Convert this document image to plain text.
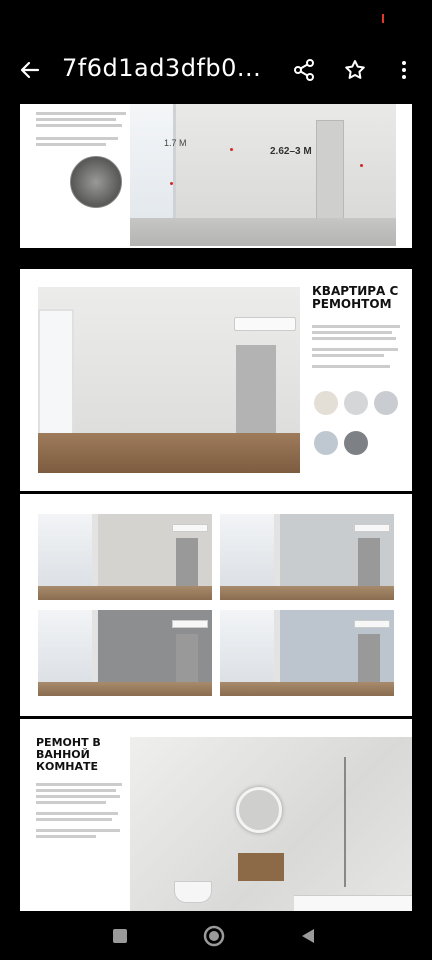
7f6d1ad3dfb0...
1.7 M
2.62–3 M
КВАРТИРА С РЕМОНТОМ
РЕМОНТ В ВАННОЙ КОМНАТЕ
